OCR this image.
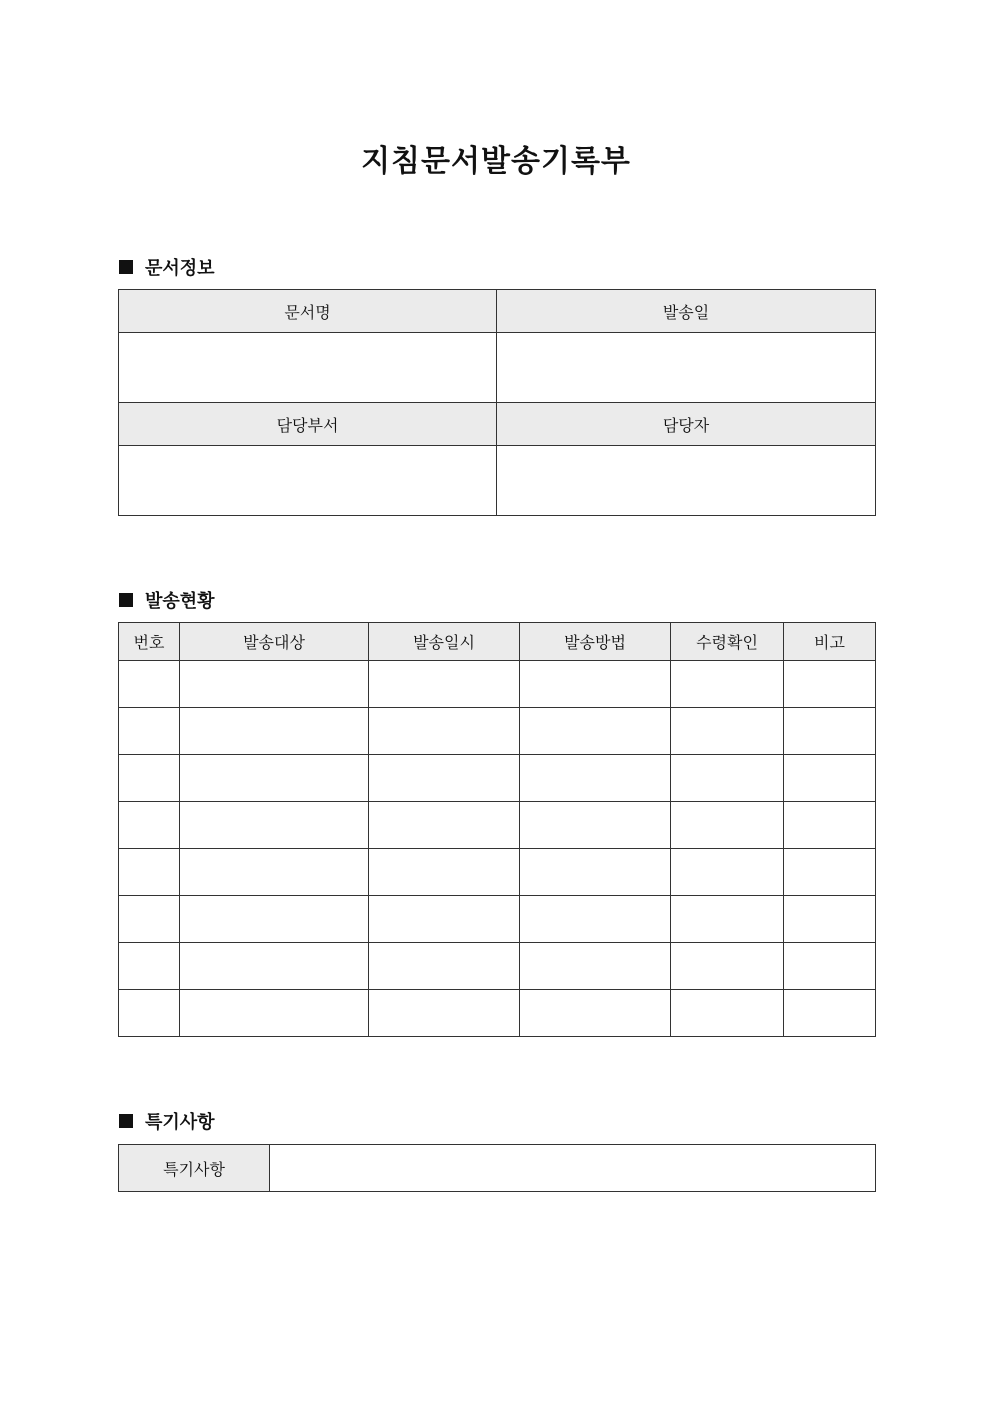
지침문서발송기록부
문서정보
문서명	발송일

담당부서	담당자

발송현황
번호	발송대상	발송일시	발송방법	수령확인	비고

특기사항
특기사항	
